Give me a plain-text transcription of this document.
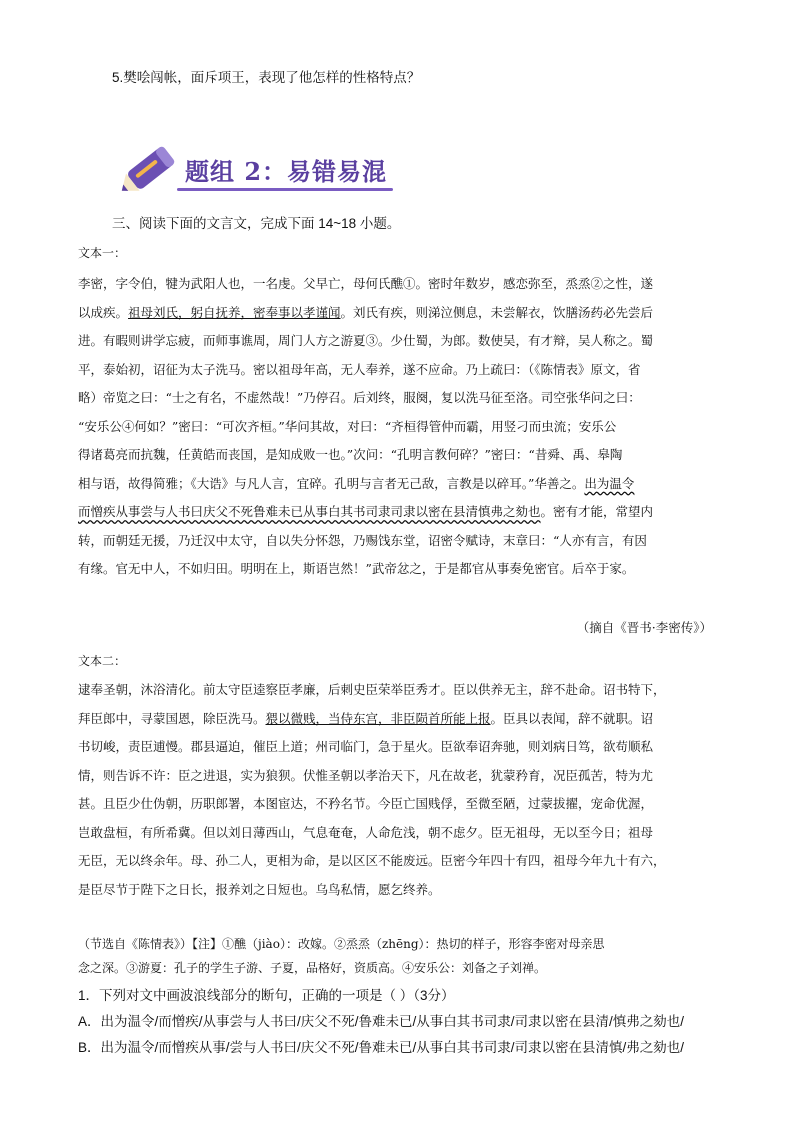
5.樊哙闯帐，面斥项王，表现了他怎样的性格特点？
题组 2：易错易混
三、阅读下面的文言文，完成下面 14~18 小题。
文本一：
李密，字令伯，犍为武阳人也，一名虔。父早亡，母何氏醮①。密时年数岁，感恋弥至，烝烝②之性，遂
以成疾。祖母刘氏，躬自抚养，密奉事以孝谨闻。刘氏有疾，则涕泣侧息，未尝解衣，饮膳汤药必先尝后
进。有暇则讲学忘疲，而师事谯周，周门人方之游夏③。少仕蜀，为郎。数使吴，有才辩，吴人称之。蜀
平，泰始初，诏征为太子洗马。密以祖母年高，无人奉养，遂不应命。乃上疏曰：（《陈情表》原文，省
略）帝览之曰：“士之有名，不虚然哉！”乃停召。后刘终，服阕，复以洗马征至洛。司空张华问之曰：
“安乐公④何如？”密曰：“可次齐桓。”华问其故，对曰：“齐桓得管仲而霸，用竖刁而虫流；安乐公
得诸葛亮而抗魏，任黄皓而丧国，是知成败一也。”次问：“孔明言教何碎？”密曰：“昔舜、禹、皋陶
相与语，故得简雅；《大诰》与凡人言，宜碎。孔明与言者无己敌，言教是以碎耳。”华善之。出为温令
而憎疾从事尝与人书曰庆父不死鲁难未已从事白其书司隶司隶以密在县清慎弗之劾也。密有才能，常望内
转，而朝廷无援，乃迁汉中太守，自以失分怀怨，乃赐饯东堂，诏密令赋诗，末章曰：“人亦有言，有因
有缘。官无中人，不如归田。明明在上，斯语岂然！”武帝忿之，于是都官从事奏免密官。后卒于家。
（摘自《晋书·李密传》）
文本二：
逮奉圣朝，沐浴清化。前太守臣逵察臣孝廉，后刺史臣荣举臣秀才。臣以供养无主，辞不赴命。诏书特下，
拜臣郎中，寻蒙国恩，除臣洗马。猥以微贱，当侍东宫，非臣陨首所能上报。臣具以表闻，辞不就职。诏
书切峻，责臣逋慢。郡县逼迫，催臣上道；州司临门，急于星火。臣欲奉诏奔驰，则刘病日笃，欲苟顺私
情，则告诉不许：臣之进退，实为狼狈。伏惟圣朝以孝治天下，凡在故老，犹蒙矜育，况臣孤苦，特为尤
甚。且臣少仕伪朝，历职郎署，本图宦达，不矜名节。今臣亡国贱俘，至微至陋，过蒙拔擢，宠命优渥，
岂敢盘桓，有所希冀。但以刘日薄西山，气息奄奄，人命危浅，朝不虑夕。臣无祖母，无以至今日；祖母
无臣，无以终余年。母、孙二人，更相为命，是以区区不能废远。臣密今年四十有四，祖母今年九十有六，
是臣尽节于陛下之日长，报养刘之日短也。乌鸟私情，愿乞终养。
（节选自《陈情表》）【注】①醮（jiào）：改嫁。②烝烝（zhēng）：热切的样子，形容李密对母亲思
念之深。③游夏：孔子的学生子游、子夏，品格好，资质高。④安乐公：刘备之子刘禅。
1．下列对文中画波浪线部分的断句，正确的一项是（ ）（3分）
A．出为温令/而憎疾/从事尝与人书曰/庆父不死/鲁难未已/从事白其书司隶/司隶以密在县清/慎弗之劾也/
B．出为温令/而憎疾从事/尝与人书曰/庆父不死/鲁难未已/从事白其书司隶/司隶以密在县清慎/弗之劾也/
